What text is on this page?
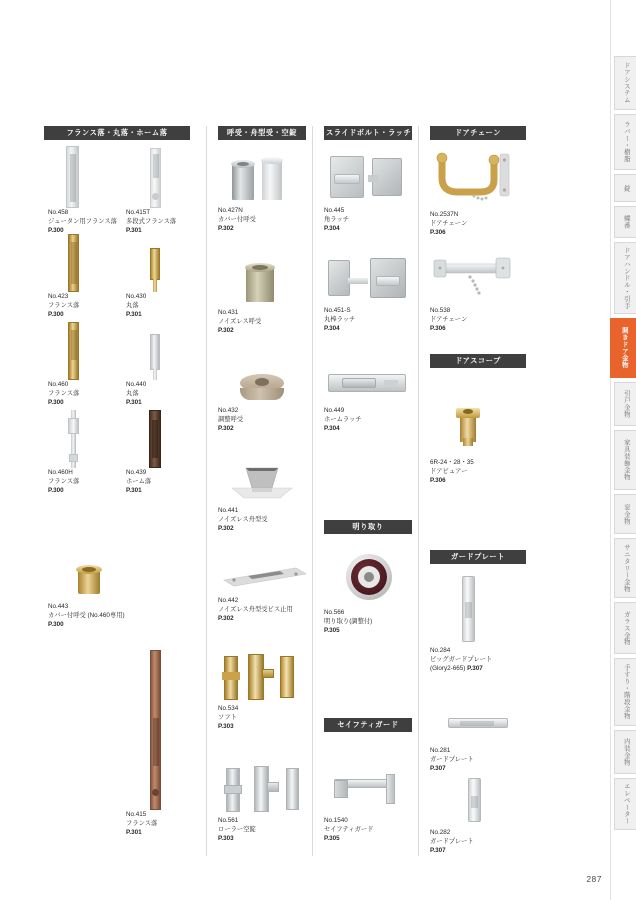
ドアシステム
ラバー・樹脂
錠
蝶番
ドアハンドル・引手
開きドア金物
引戸金物
家具装飾金物
窓金物
サニタリー金物
ガラス金物
手すり・階段金物
内装金物
エレベーター
287
フランス落・丸落・ホーム落
No.458
ジュータン用フランス落
P.300
No.415T
多段式フランス落
P.301
No.423
フランス落
P.300
No.430
丸落
P.301
No.460
フランス落
P.300
No.440
丸落
P.301
No.460H
フランス落
P.300
No.439
ホーム落
P.301
No.443
カバー付呼受 (No.460専用)
P.300
No.415
フランス落
P.301
呼受・舟型受・空錠
No.427N
カバー付呼受
P.302
No.431
ノイズレス呼受
P.302
No.432
調整呼受
P.302
No.441
ノイズレス舟型受
P.302
No.442
ノイズレス舟型受ビス止用
P.302
No.534
ソフト
P.303
No.561
ローラー空錠
P.303
スライドボルト・ラッチ
No.445
角ラッチ
P.304
No.451-S
丸棒ラッチ
P.304
No.449
ホームラッチ
P.304
明り取り
No.566
明り取り(調整付)
P.305
セイフティガード
No.1540
セイフティガード
P.305
ドアチェーン
No.2537N
ドアチェーン
P.306
No.538
ドアチェーン
P.306
ドアスコープ
6R-24・28・35
ドアビュアー
P.306
ガードプレート
No.284
ビッグガードプレート
(Glory2-665) P.307
No.281
ガードプレート
P.307
No.282
ガードプレート
P.307
